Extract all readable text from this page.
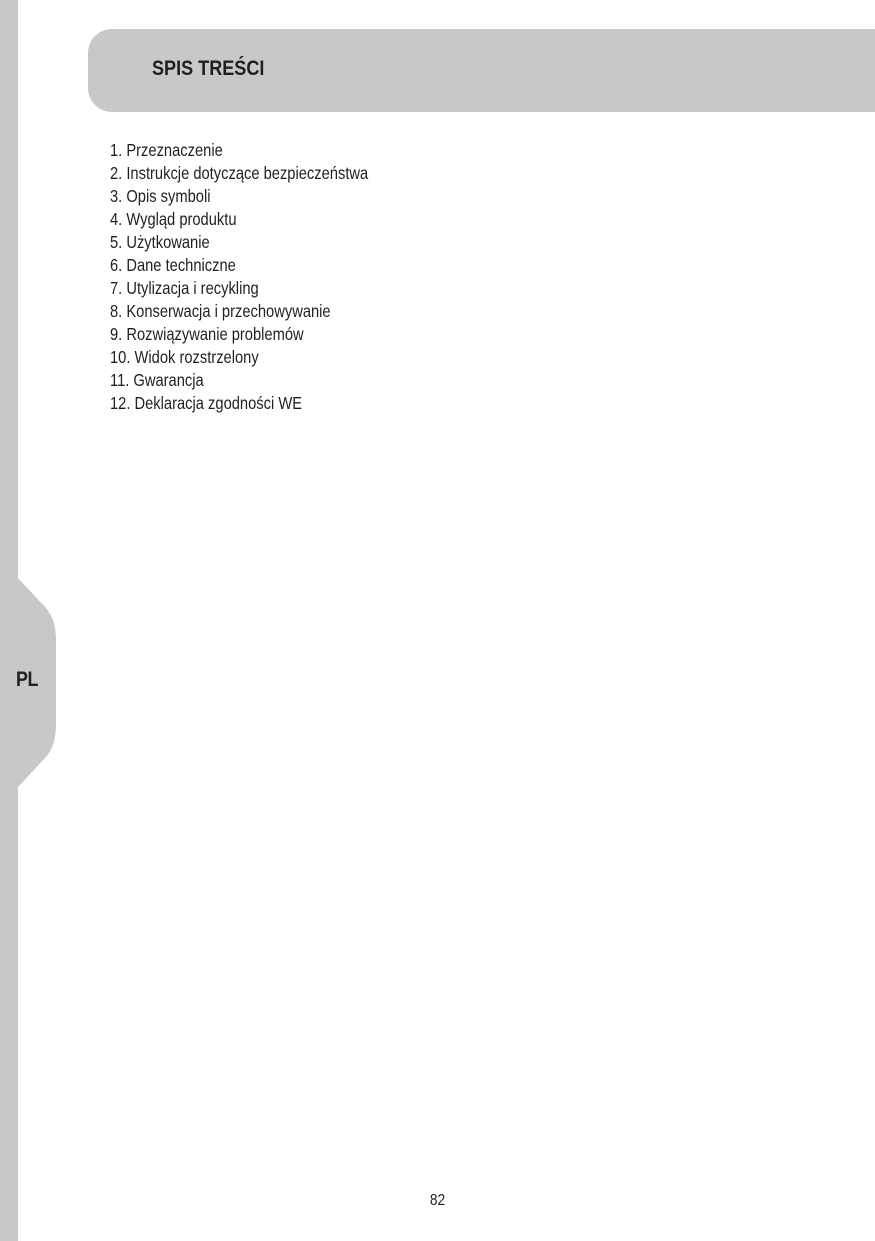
PL
SPIS TREŚCI
1. Przeznaczenie
2. Instrukcje dotyczące bezpieczeństwa
3. Opis symboli
4. Wygląd produktu
5. Użytkowanie
6. Dane techniczne
7. Utylizacja i recykling
8. Konserwacja i przechowywanie
9. Rozwiązywanie problemów
10. Widok rozstrzelony
11. Gwarancja
12. Deklaracja zgodności WE
82
